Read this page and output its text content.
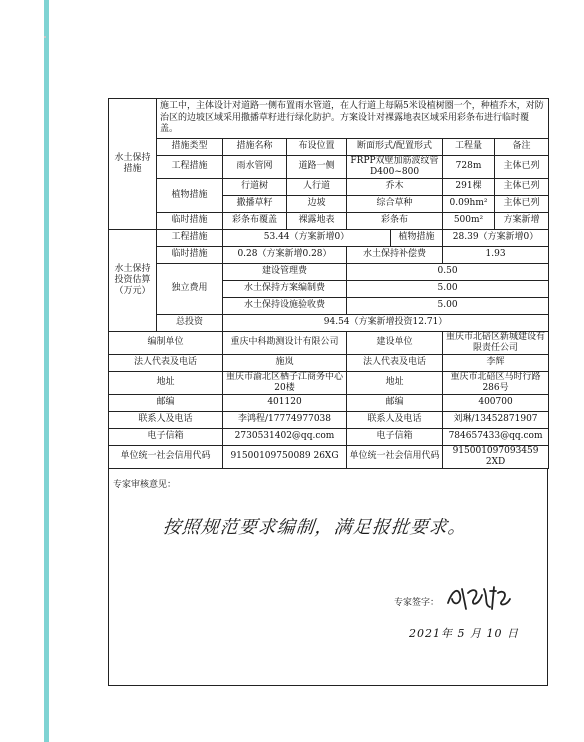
水土保持措施	施工中，主体设计对道路一侧布置雨水管道，在人行道上每隔5米设植树圈一个，种植乔木，对防治区的边坡区域采用撒播草籽进行绿化防护。方案设计对裸露地表区域采用彩条布进行临时覆盖。						
	措施类型	措施名称	布设位置	断面形式/配置形式		工程量	备注
	工程措施	雨水管网	道路一侧	FRPP双壁加筋波纹管D400~800		728m	主体已列
	植物措施	行道树	人行道	乔木		291棵	主体已列
		撒播草籽	边坡	综合草种		0.09hm²	主体已列
	临时措施	彩条布覆盖	裸露地表	彩条布		500m²	方案新增
水土保持投资估算（万元）	工程措施	53.44（方案新增0）			植物措施	28.39（方案新增0）	
	临时措施	0.28（方案新增0.28）		水土保持补偿费		1.93	
	独立费用	建设管理费		0.50			
		水土保持方案编制费		5.00			
		水土保持设施验收费		5.00			
	总投资	94.54（方案新增投资12.71）					
编制单位		重庆中科勘测设计有限公司		建设单位		重庆市北碚区新城建设有限责任公司	
法人代表及电话		施岚		法人代表及电话		李辉	
地址		重庆市渝北区栖子江商务中心20楼		地址		重庆市北碚区马时行路286号	
邮编		401120		邮编		400700	
联系人及电话		李鸿程/17774977038		联系人及电话		刘琳/13452871907	
电子信箱		2730531402@qq.com		电子信箱		784657433@qq.com	
单位统一社会信用代码		91500109750089 26XG		单位统一社会信用代码		915001097093459 2XD	
专家审核意见：
按照规范要求编制，满足报批要求。
专家签字：
2021年 5 月 10 日
